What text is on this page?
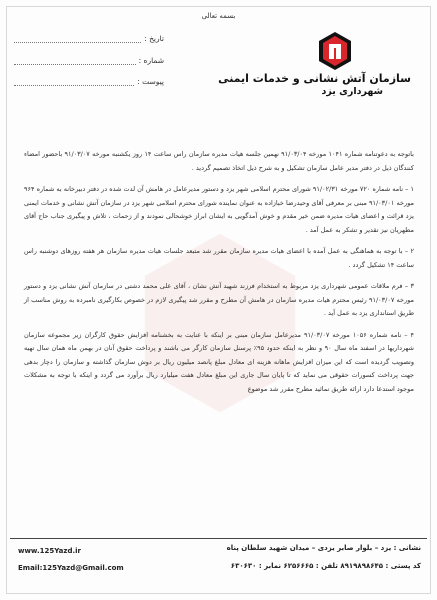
بسمه تعالی
سازمان آتش نشانی و خدمات ایمنی
شهرداری یزد
تاریخ :
شماره :
پیوست :

باتوجه به دعوتنامه شماره ۱۰۴۱ مورخه ۹۱/۰۳/۰۴ نهمین جلسه هیات مدیره سازمان راس ساعت ۱۴ روز یکشنبه مورخه ۹۱/۰۳/۰۷ باحضور امضاء کنندگان ذیل در دفتر مدیر عامل سازمان تشکیل و به شرح ذیل اتخاذ تصمیم گردید .

۱ – نامه شماره ۷۲۰ مورخه ۹۱/۰۲/۳۱ شورای محترم اسلامی شهر یزد و دستور مدیرعامل در هامش آن لدت شده در دفتر دبیرخانه به شماره ۹۶۴ مورخه ۹۱/۰۳/۰۱ مبنی بر معرفی آقای وحیدرضا خبازاده به عنوان نماینده شورای محترم اسلامی شهر یزد در سازمان آتش نشانی و خدمات ایمنی یزد قرائت و اعضای هیات مدیره ضمن خیر مقدم و خوش آمدگویی به ایشان ابراز خوشحالی نمودند و از زحمات ، تلاش و پیگیری جناب حاج آقای مطهریان نیز تقدیر و تشکر به عمل آمد .

۲ – با توجه به هماهنگی به عمل آمده با اعضای هیات مدیره سازمان مقرر شد متبعد جلسات هیات مدیره سازمان هر هفته روزهای دوشنبه راس ساعت ۱۴ تشکیل گردد .

۳ – فرم ملاقات عمومی شهرداری یزد مربوط به استخدام فرزند شهید آتش نشان ، آقای علی محمد دشتی در سازمان آتش نشانی یزد و دستور مورخه ۹۱/۰۳/۰۷ رئیس محترم هیات مدیره سازمان در هامش آن مطرح و مقرر شد پیگیری لازم در خصوص بکارگیری نامبرده به روش مناسب از طریق استانداری یزد به عمل آید .

۴ – نامه شماره ۱۰۵۶ مورخه ۹۱/۰۳/۰۷ مدیرعامل سازمان مبنی بر اینکه با عنایت به بخشنامه افزایش حقوق کارگران زیر مجموعه سازمان شهرداریها در اسفند ماه سال ۹۰ و نظر به اینکه حدود ۹۵٪ پرسنل سازمان کارگر می باشند و پرداخت حقوق آنان در بهمن ماه همان سال تهیه وتصویب گردیده است که این میزان افزایش ماهانه هزینه ای معادل مبلغ پانصد میلیون ریال بر دوش سازمان گذاشته و سازمان را دچار بدهی جهت پرداخت کسورات حقوقی می نماید که تا پایان سال جاری این مبلغ معادل هفت میلیارد ریال برآورد می گردد و اینکه با توجه به مشکلات موجود استدعا دارد ارائه طریق نمائید مطرح مقرر شد موضوع

نشانی : یزد – بلوار صابر یزدی – میدان شهید سلطان پناه
کد پستی : ۸۹۱۹۸۹۸۶۴۵ تلفن : ۶۲۵۶۶۶۵ نمابر : ۶۳۰۶۳۰
www.125Yazd.ir
Email:125Yazd@Gmail.com
